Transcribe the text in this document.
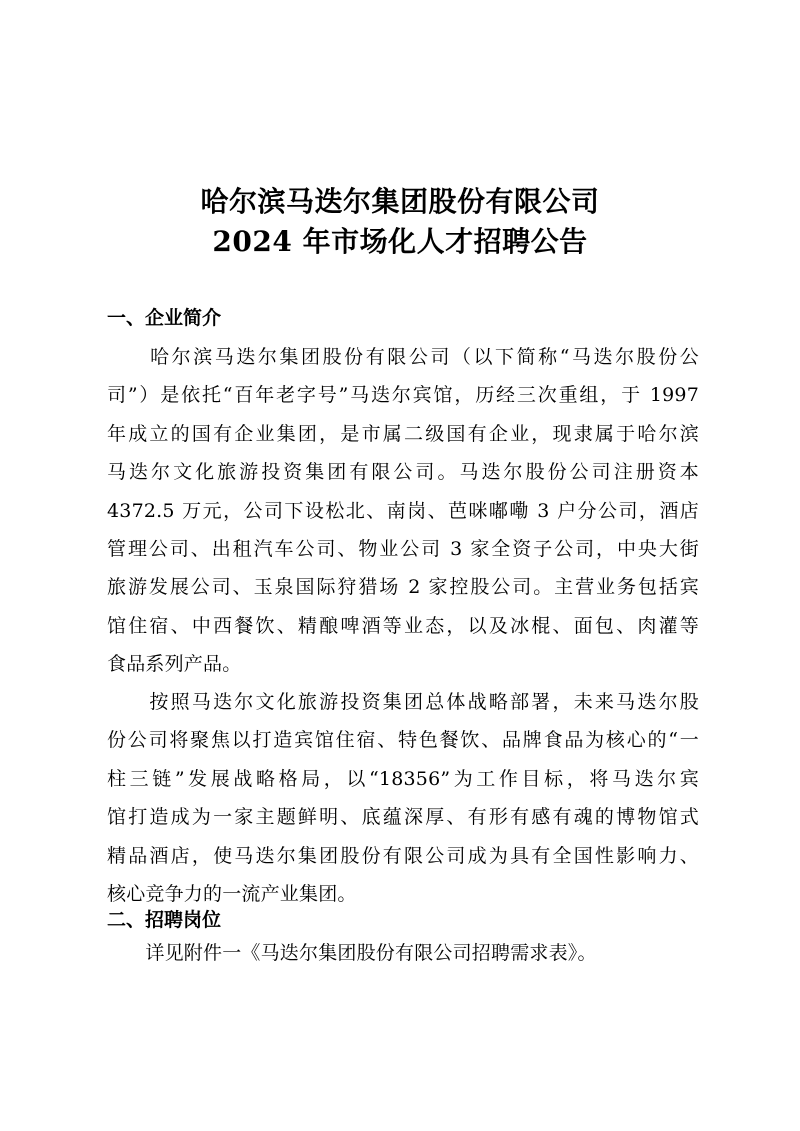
哈尔滨马迭尔集团股份有限公司
2024 年市场化人才招聘公告
一、企业简介
　　哈尔滨马迭尔集团股份有限公司（以下简称“马迭尔股份公
司”）是依托“百年老字号”马迭尔宾馆，历经三次重组，于 1997
年成立的国有企业集团，是市属二级国有企业，现隶属于哈尔滨
马迭尔文化旅游投资集团有限公司。马迭尔股份公司注册资本
4372.5 万元，公司下设松北、南岗、芭咪嘟嘞 3 户分公司，酒店
管理公司、出租汽车公司、物业公司 3 家全资子公司，中央大街
旅游发展公司、玉泉国际狩猎场 2 家控股公司。主营业务包括宾
馆住宿、中西餐饮、精酿啤酒等业态，以及冰棍、面包、肉灌等
食品系列产品。
　　按照马迭尔文化旅游投资集团总体战略部署，未来马迭尔股
份公司将聚焦以打造宾馆住宿、特色餐饮、品牌食品为核心的“一
柱三链”发展战略格局，以“18356”为工作目标，将马迭尔宾
馆打造成为一家主题鲜明、底蕴深厚、有形有感有魂的博物馆式
精品酒店，使马迭尔集团股份有限公司成为具有全国性影响力、
核心竞争力的一流产业集团。
二、招聘岗位
　　详见附件一《马迭尔集团股份有限公司招聘需求表》。
